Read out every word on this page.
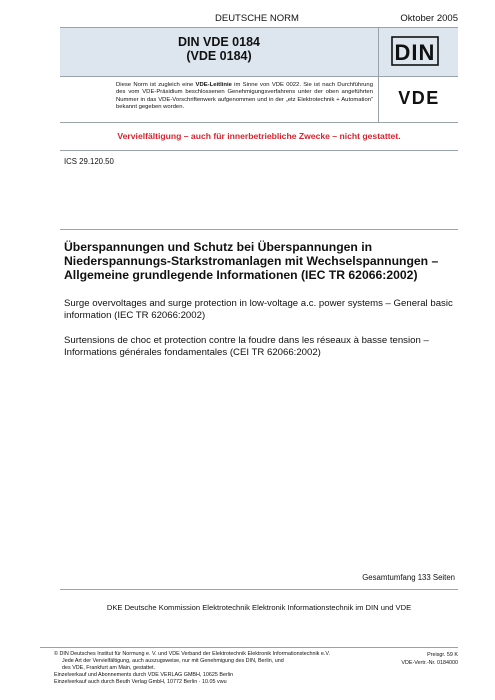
DEUTSCHE NORM	Oktober 2005
DIN VDE 0184
(VDE 0184)	DIN
Diese Norm ist zugleich eine VDE-Leitlinie im Sinne von VDE 0022. Sie ist nach Durchführung des vom VDE-Präsidium beschlossenen Genehmigungsverfahrens unter der oben angeführten Nummer in das VDE-Vorschriftenwerk aufgenommen und in der „etz Elektrotechnik + Automation“ bekannt gegeben worden.	VDE
Vervielfältigung – auch für innerbetriebliche Zwecke – nicht gestattet.
ICS 29.120.50
Überspannungen und Schutz bei Überspannungen in Niederspannungs-Starkstromanlagen mit Wechselspannungen – Allgemeine grundlegende Informationen (IEC TR 62066:2002)

Surge overvoltages and surge protection in low-voltage a.c. power systems – General basic information (IEC TR 62066:2002)

Surtensions de choc et protection contre la foudre dans les réseaux à basse tension – Informations générales fondamentales (CEI TR 62066:2002)

Gesamtumfang 133 Seiten
DKE Deutsche Kommission Elektrotechnik Elektronik Informationstechnik im DIN und VDE
© DIN Deutsches Institut für Normung e. V. und VDE Verband der Elektrotechnik Elektronik Informationstechnik e.V.
Jede Art der Vervielfältigung, auch auszugsweise, nur mit Genehmigung des DIN, Berlin, und
des VDE, Frankfurt am Main, gestattet.
Einzelverkauf und Abonnements durch VDE VERLAG GMBH, 10625 Berlin
Einzelverkauf auch durch Beuth Verlag GmbH, 10772 Berlin · 10.05 vwu
Preisgr. 59 K
VDE-Vertr.-Nr. 0184000
